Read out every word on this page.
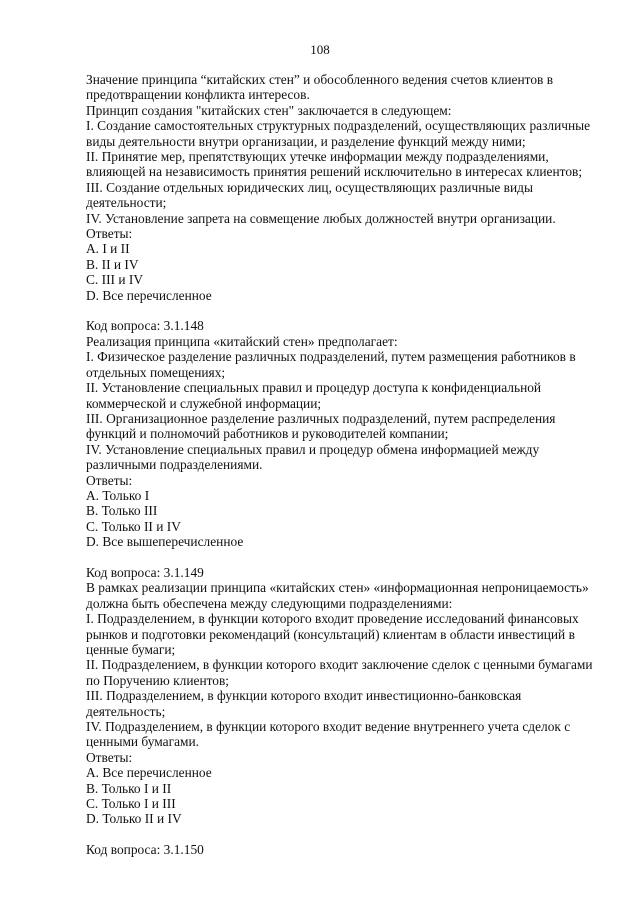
108
Значение принципа “китайских стен” и обособленного ведения счетов клиентов в
предотвращении конфликта интересов.
Принцип создания "китайских стен" заключается в следующем:
I. Создание самостоятельных структурных подразделений, осуществляющих различные
виды деятельности внутри организации, и разделение функций между ними;
II. Принятие мер, препятствующих утечке информации между подразделениями,
влияющей на независимость принятия решений исключительно в интересах клиентов;
III. Создание отдельных юридических лиц, осуществляющих различные виды
деятельности;
IV. Установление запрета на совмещение любых должностей внутри организации.
Ответы:
A. I и II
B. II и IV
C. III и IV
D. Все перечисленное
Код вопроса: 3.1.148
Реализация принципа «китайский стен» предполагает:
I. Физическое разделение различных подразделений, путем размещения работников в
отдельных помещениях;
II. Установление специальных правил и процедур доступа к конфиденциальной
коммерческой и служебной информации;
III. Организационное разделение различных подразделений, путем распределения
функций и полномочий работников и руководителей компании;
IV. Установление специальных правил и процедур обмена информацией между
различными подразделениями.
Ответы:
A. Только I
B. Только III
C. Только II и IV
D. Все вышеперечисленное
Код вопроса: 3.1.149
В рамках реализации принципа «китайских стен» «информационная непроницаемость»
должна быть обеспечена между следующими подразделениями:
I. Подразделением, в функции которого входит проведение исследований финансовых
рынков и подготовки рекомендаций (консультаций) клиентам в области инвестиций в
ценные бумаги;
II. Подразделением, в функции которого входит заключение сделок с ценными бумагами
по Поручению клиентов;
III. Подразделением, в функции которого входит инвестиционно-банковская
деятельность;
IV. Подразделением, в функции которого входит ведение внутреннего учета сделок с
ценными бумагами.
Ответы:
A. Все перечисленное
B. Только I и II
C. Только I и III
D. Только II и IV
Код вопроса: 3.1.150
